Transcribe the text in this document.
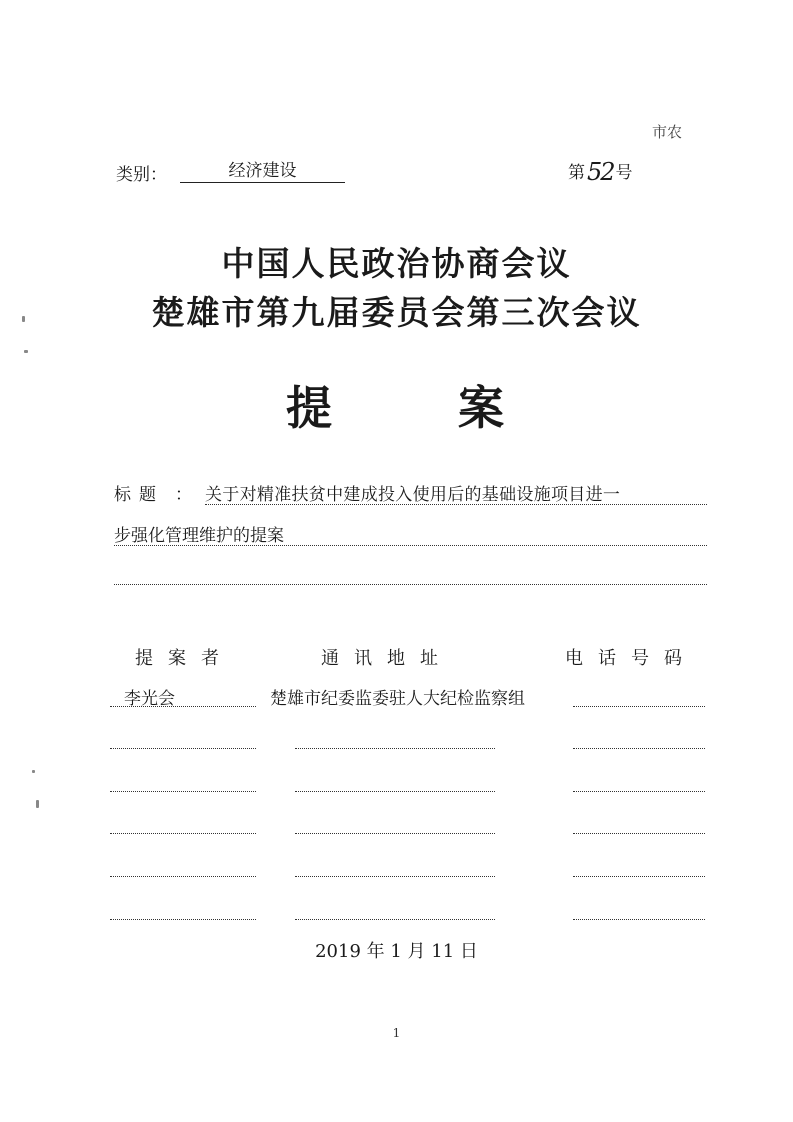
市农
类别：	经济建设	第 52 号
中国人民政治协商会议
楚雄市第九届委员会第三次会议
提	案
标题 ： 关于对精准扶贫中建成投入使用后的基础设施项目进一
步强化管理维护的提案
提案者	通讯地址	电话号码
李光会	楚雄市纪委监委驻人大纪检监察组
2019 年 1 月 11 日
1
